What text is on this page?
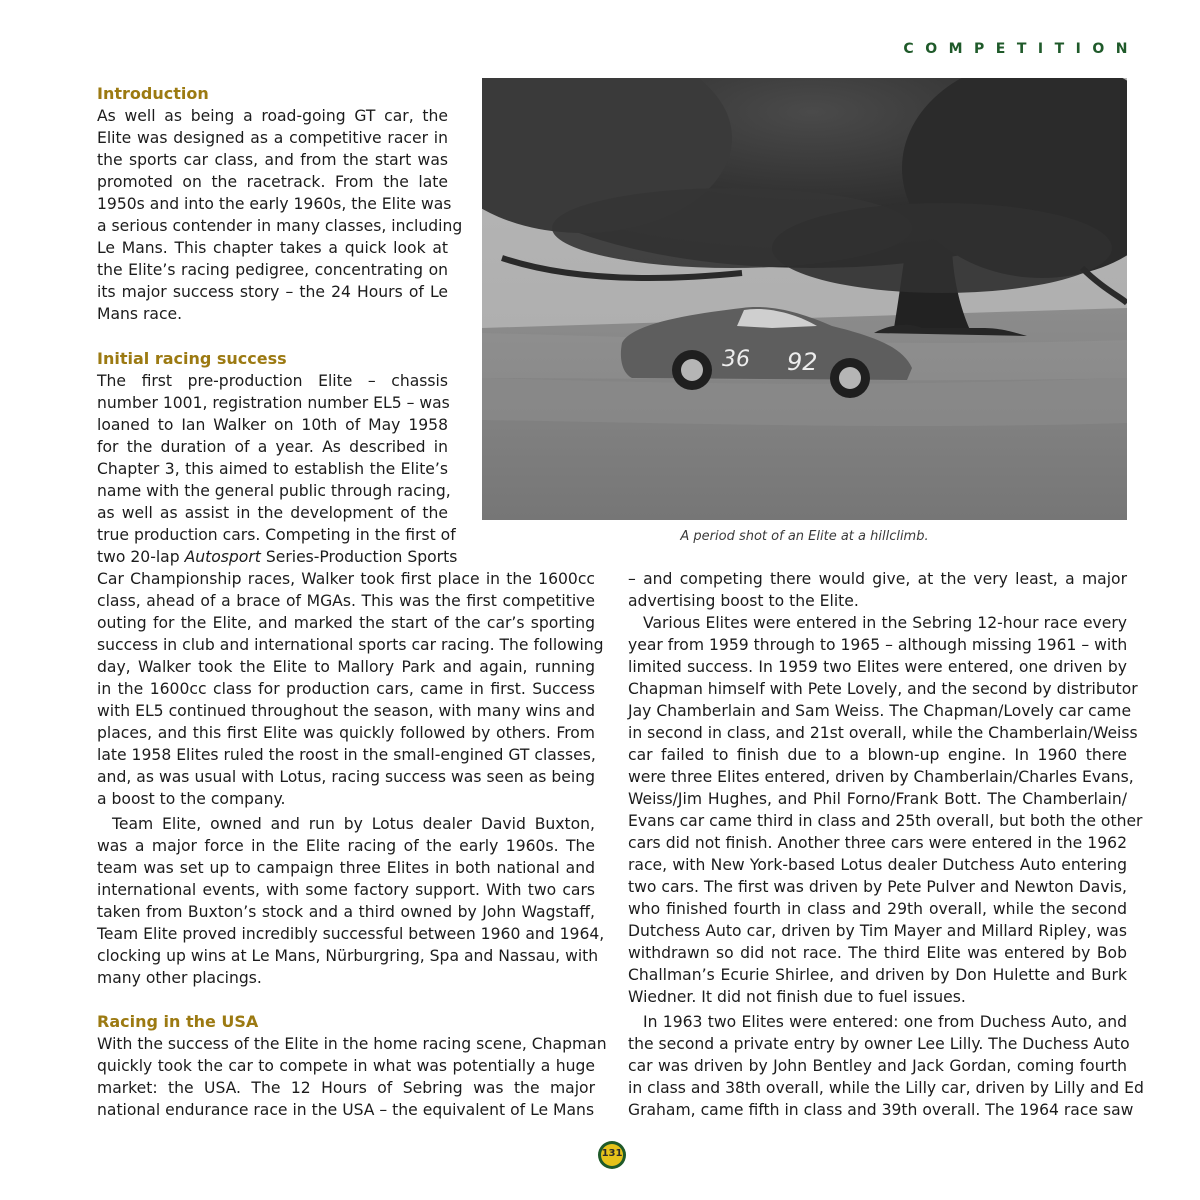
COMPETITION
Introduction
As well as being a road-going GT car, the
Elite was designed as a competitive racer in
the sports car class, and from the start was
promoted on the racetrack. From the late
1950s and into the early 1960s, the Elite was
a serious contender in many classes, including
Le Mans. This chapter takes a quick look at
the Elite’s racing pedigree, concentrating on
its major success story – the 24 Hours of Le
Mans race.
Initial racing success
The first pre-production Elite – chassis
number 1001, registration number EL5 – was
loaned to Ian Walker on 10th of May 1958
for the duration of a year. As described in
Chapter 3, this aimed to establish the Elite’s
name with the general public through racing,
as well as assist in the development of the
true production cars. Competing in the first of
two 20-lap Autosport Series-Production Sports
Car Championship races, Walker took first place in the 1600cc
class, ahead of a brace of MGAs. This was the first competitive
outing for the Elite, and marked the start of the car’s sporting
success in club and international sports car racing. The following
day, Walker took the Elite to Mallory Park and again, running
in the 1600cc class for production cars, came in first. Success
with EL5 continued throughout the season, with many wins and
places, and this first Elite was quickly followed by others. From
late 1958 Elites ruled the roost in the small-engined GT classes,
and, as was usual with Lotus, racing success was seen as being
a boost to the company.
Team Elite, owned and run by Lotus dealer David Buxton,
was a major force in the Elite racing of the early 1960s. The
team was set up to campaign three Elites in both national and
international events, with some factory support. With two cars
taken from Buxton’s stock and a third owned by John Wagstaff,
Team Elite proved incredibly successful between 1960 and 1964,
clocking up wins at Le Mans, Nürburgring, Spa and Nassau, with
many other placings.
Racing in the USA
With the success of the Elite in the home racing scene, Chapman
quickly took the car to compete in what was potentially a huge
market: the USA. The 12 Hours of Sebring was the major
national endurance race in the USA – the equivalent of Le Mans
– and competing there would give, at the very least, a major
advertising boost to the Elite.
Various Elites were entered in the Sebring 12-hour race every
year from 1959 through to 1965 – although missing 1961 – with
limited success. In 1959 two Elites were entered, one driven by
Chapman himself with Pete Lovely, and the second by distributor
Jay Chamberlain and Sam Weiss. The Chapman/Lovely car came
in second in class, and 21st overall, while the Chamberlain/Weiss
car failed to finish due to a blown-up engine. In 1960 there
were three Elites entered, driven by Chamberlain/Charles Evans,
Weiss/Jim Hughes, and Phil Forno/Frank Bott. The Chamberlain/
Evans car came third in class and 25th overall, but both the other
cars did not finish. Another three cars were entered in the 1962
race, with New York-based Lotus dealer Dutchess Auto entering
two cars. The first was driven by Pete Pulver and Newton Davis,
who finished fourth in class and 29th overall, while the second
Dutchess Auto car, driven by Tim Mayer and Millard Ripley, was
withdrawn so did not race. The third Elite was entered by Bob
Challman’s Ecurie Shirlee, and driven by Don Hulette and Burk
Wiedner. It did not finish due to fuel issues.
In 1963 two Elites were entered: one from Duchess Auto, and
the second a private entry by owner Lee Lilly. The Duchess Auto
car was driven by John Bentley and Jack Gordan, coming fourth
in class and 38th overall, while the Lilly car, driven by Lilly and Ed
Graham, came fifth in class and 39th overall. The 1964 race saw
36 92

A period shot of an Elite at a hillclimb.

131
